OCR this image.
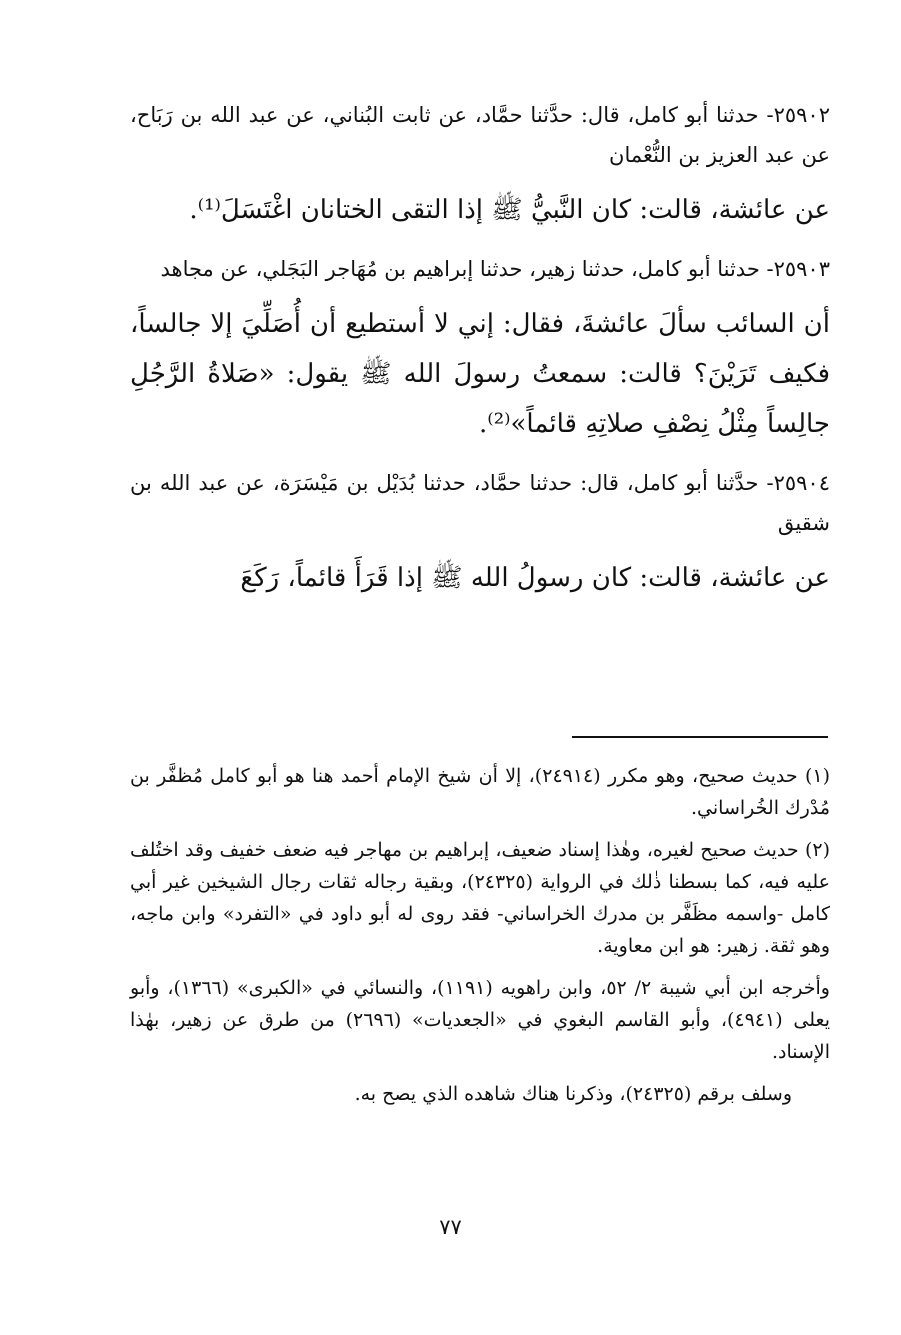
٢٥٩٠٢- حدثنا أبو كامل، قال: حدَّثنا حمَّاد، عن ثابت البُناني، عن عبد الله بن رَبَاح، عن عبد العزيز بن النُّعْمان

عن عائشة، قالت: كان النَّبيُّ ﷺ إذا التقى الختانان اغْتَسَلَ⁽¹⁾.

٢٥٩٠٣- حدثنا أبو كامل، حدثنا زهير، حدثنا إبراهيم بن مُهَاجر البَجَلي، عن مجاهد

أن السائب سألَ عائشةَ، فقال: إني لا أستطيع أن أُصَلِّيَ إلا جالساً، فكيف تَرَيْنَ؟ قالت: سمعتُ رسولَ الله ﷺ يقول: «صَلاةُ الرَّجُلِ جالِساً مِثْلُ نِصْفِ صلاتِهِ قائماً»⁽²⁾.

٢٥٩٠٤- حدَّثنا أبو كامل، قال: حدثنا حمَّاد، حدثنا بُدَيْل بن مَيْسَرَة، عن عبد الله بن شقيق

عن عائشة، قالت: كان رسولُ الله ﷺ إذا قَرَأَ قائماً، رَكَعَ

(١) حديث صحيح، وهو مكرر (٢٤٩١٤)، إلا أن شيخ الإمام أحمد هنا هو أبو كامل مُظفَّر بن مُدْرك الخُراساني.

(٢) حديث صحيح لغيره، وهٰذا إسناد ضعيف، إبراهيم بن مهاجر فيه ضعف خفيف وقد اختُلف عليه فيه، كما بسطنا ذٰلك في الرواية (٢٤٣٢٥)، وبقية رجاله ثقات رجال الشيخين غير أبي كامل -واسمه مظَفَّر بن مدرك الخراساني- فقد روى له أبو داود في «التفرد» وابن ماجه، وهو ثقة. زهير: هو ابن معاوية.

وأخرجه ابن أبي شيبة ٢/ ٥٢، وابن راهويه (١١٩١)، والنسائي في «الكبرى» (١٣٦٦)، وأبو يعلى (٤٩٤١)، وأبو القاسم البغوي في «الجعديات» (٢٦٩٦) من طرق عن زهير، بهٰذا الإسناد.

وسلف برقم (٢٤٣٢٥)، وذكرنا هناك شاهده الذي يصح به.

٧٧
